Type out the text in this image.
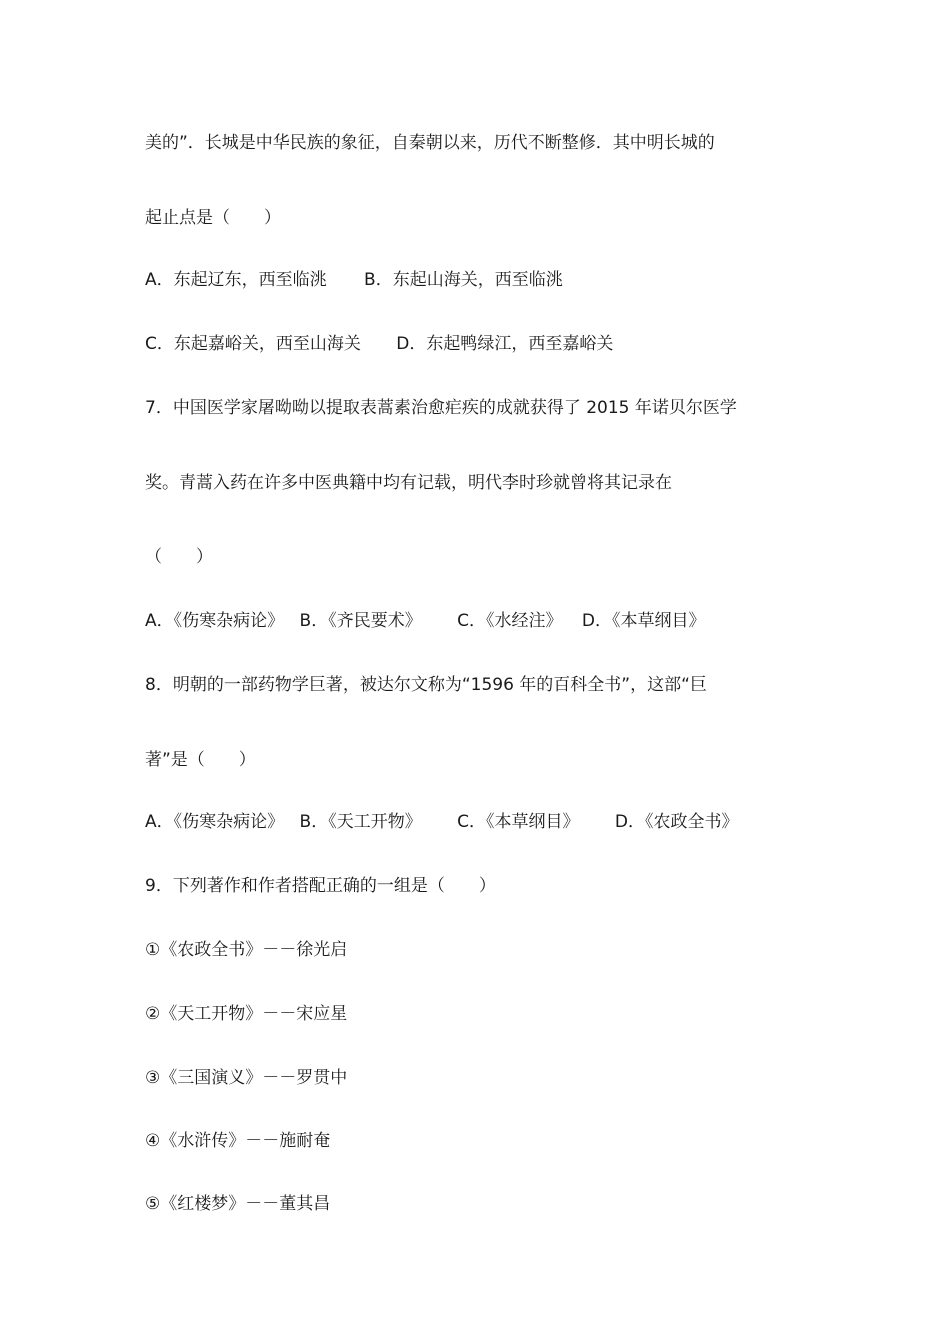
美的”．长城是中华民族的象征，自秦朝以来，历代不断整修．其中明长城的
起止点是（　　）
A．东起辽东，西至临洮 B．东起山海关，西至临洮
C．东起嘉峪关，西至山海关 D．东起鸭绿江，西至嘉峪关
7．中国医学家屠呦呦以提取表蒿素治愈疟疾的成就获得了 2015 年诺贝尔医学
奖。青蒿入药在许多中医典籍中均有记载，明代李时珍就曾将其记录在
（　　）
A．《伤寒杂病论》 B．《齐民要术》 C．《水经注》 D．《本草纲目》
8．明朝的一部药物学巨著，被达尔文称为“1596 年的百科全书”，这部“巨
著”是（　　）
A．《伤寒杂病论》 B．《天工开物》 C．《本草纲目》 D．《农政全书》
9．下列著作和作者搭配正确的一组是（　　）
①《农政全书》－－徐光启
②《天工开物》－－宋应星
③《三国演义》－－罗贯中
④《水浒传》－－施耐奄
⑤《红楼梦》－－董其昌
